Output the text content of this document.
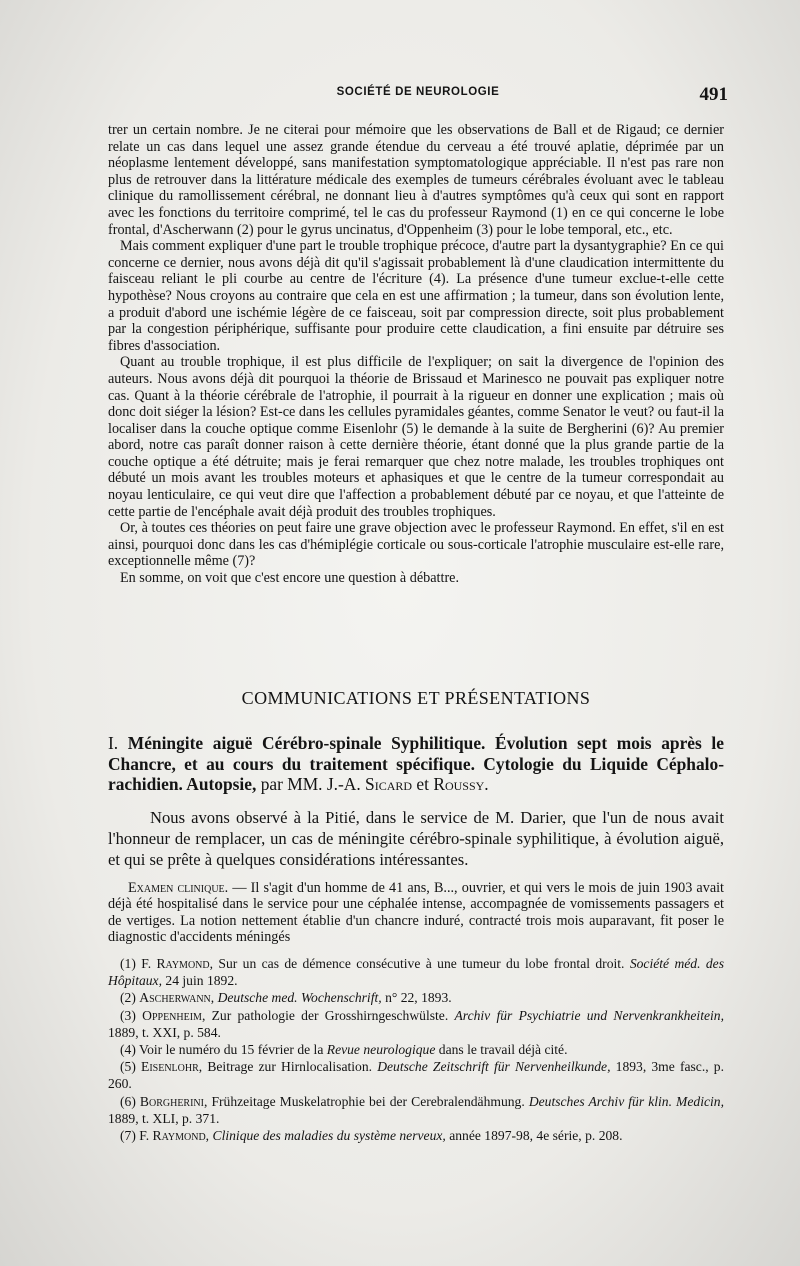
SOCIÉTÉ DE NEUROLOGIE	491

trer un certain nombre. Je ne citerai pour mémoire que les observations de Ball et de Rigaud; ce dernier relate un cas dans lequel une assez grande étendue du cerveau a été trouvé aplatie, déprimée par un néoplasme lentement développé, sans manifestation symptomatologique appréciable. Il n'est pas rare non plus de retrouver dans la littérature médicale des exemples de tumeurs cérébrales évoluant avec le tableau clinique du ramollissement cérébral, ne donnant lieu à d'autres symptômes qu'à ceux qui sont en rapport avec les fonctions du territoire comprimé, tel le cas du professeur Raymond (1) en ce qui concerne le lobe frontal, d'Ascherwann (2) pour le gyrus uncinatus, d'Oppenheim (3) pour le lobe temporal, etc., etc.

Mais comment expliquer d'une part le trouble trophique précoce, d'autre part la dysantygraphie? En ce qui concerne ce dernier, nous avons déjà dit qu'il s'agissait probablement là d'une claudication intermittente du faisceau reliant le pli courbe au centre de l'écriture (4). La présence d'une tumeur exclue-t-elle cette hypothèse? Nous croyons au contraire que cela en est une affirmation ; la tumeur, dans son évolution lente, a produit d'abord une ischémie légère de ce faisceau, soit par compression directe, soit plus probablement par la congestion périphérique, suffisante pour produire cette claudication, a fini ensuite par détruire ses fibres d'association.

Quant au trouble trophique, il est plus difficile de l'expliquer; on sait la divergence de l'opinion des auteurs. Nous avons déjà dit pourquoi la théorie de Brissaud et Marinesco ne pouvait pas expliquer notre cas. Quant à la théorie cérébrale de l'atrophie, il pourrait à la rigueur en donner une explication ; mais où donc doit siéger la lésion? Est-ce dans les cellules pyramidales géantes, comme Senator le veut? ou faut-il la localiser dans la couche optique comme Eisenlohr (5) le demande à la suite de Bergherini (6)? Au premier abord, notre cas paraît donner raison à cette dernière théorie, étant donné que la plus grande partie de la couche optique a été détruite; mais je ferai remarquer que chez notre malade, les troubles trophiques ont débuté un mois avant les troubles moteurs et aphasiques et que le centre de la tumeur correspondait au noyau lenticulaire, ce qui veut dire que l'affection a probablement débuté par ce noyau, et que l'atteinte de cette partie de l'encéphale avait déjà produit des troubles trophiques.

Or, à toutes ces théories on peut faire une grave objection avec le professeur Raymond. En effet, s'il en est ainsi, pourquoi donc dans les cas d'hémiplégie corticale ou sous-corticale l'atrophie musculaire est-elle rare, exceptionnelle même (7)?

En somme, on voit que c'est encore une question à débattre.

COMMUNICATIONS ET PRÉSENTATIONS

I. Méningite aiguë Cérébro-spinale Syphilitique. Évolution sept mois après le Chancre, et au cours du traitement spécifique. Cytologie du Liquide Céphalo-rachidien. Autopsie, par MM. J.-A. Sicard et Roussy.

Nous avons observé à la Pitié, dans le service de M. Darier, que l'un de nous avait l'honneur de remplacer, un cas de méningite cérébro-spinale syphilitique, à évolution aiguë, et qui se prête à quelques considérations intéressantes.

Examen clinique. — Il s'agit d'un homme de 41 ans, B..., ouvrier, et qui vers le mois de juin 1903 avait déjà été hospitalisé dans le service pour une céphalée intense, accompagnée de vomissements passagers et de vertiges. La notion nettement établie d'un chancre induré, contracté trois mois auparavant, fit poser le diagnostic d'accidents méningés

(1) F. Raymond, Sur un cas de démence consécutive à une tumeur du lobe frontal droit. Société méd. des Hôpitaux, 24 juin 1892.

(2) Ascherwann, Deutsche med. Wochenschrift, n° 22, 1893.

(3) Oppenheim, Zur pathologie der Grosshirngeschwülste. Archiv für Psychiatrie und Nervenkrankheitein, 1889, t. XXI, p. 584.

(4) Voir le numéro du 15 février de la Revue neurologique dans le travail déjà cité.

(5) Eisenlohr, Beitrage zur Hirnlocalisation. Deutsche Zeitschrift für Nervenheilkunde, 1893, 3me fasc., p. 260.

(6) Borgherini, Frühzeitage Muskelatrophie bei der Cerebralendähmung. Deutsches Archiv für klin. Medicin, 1889, t. XLI, p. 371.

(7) F. Raymond, Clinique des maladies du système nerveux, année 1897-98, 4e série, p. 208.
